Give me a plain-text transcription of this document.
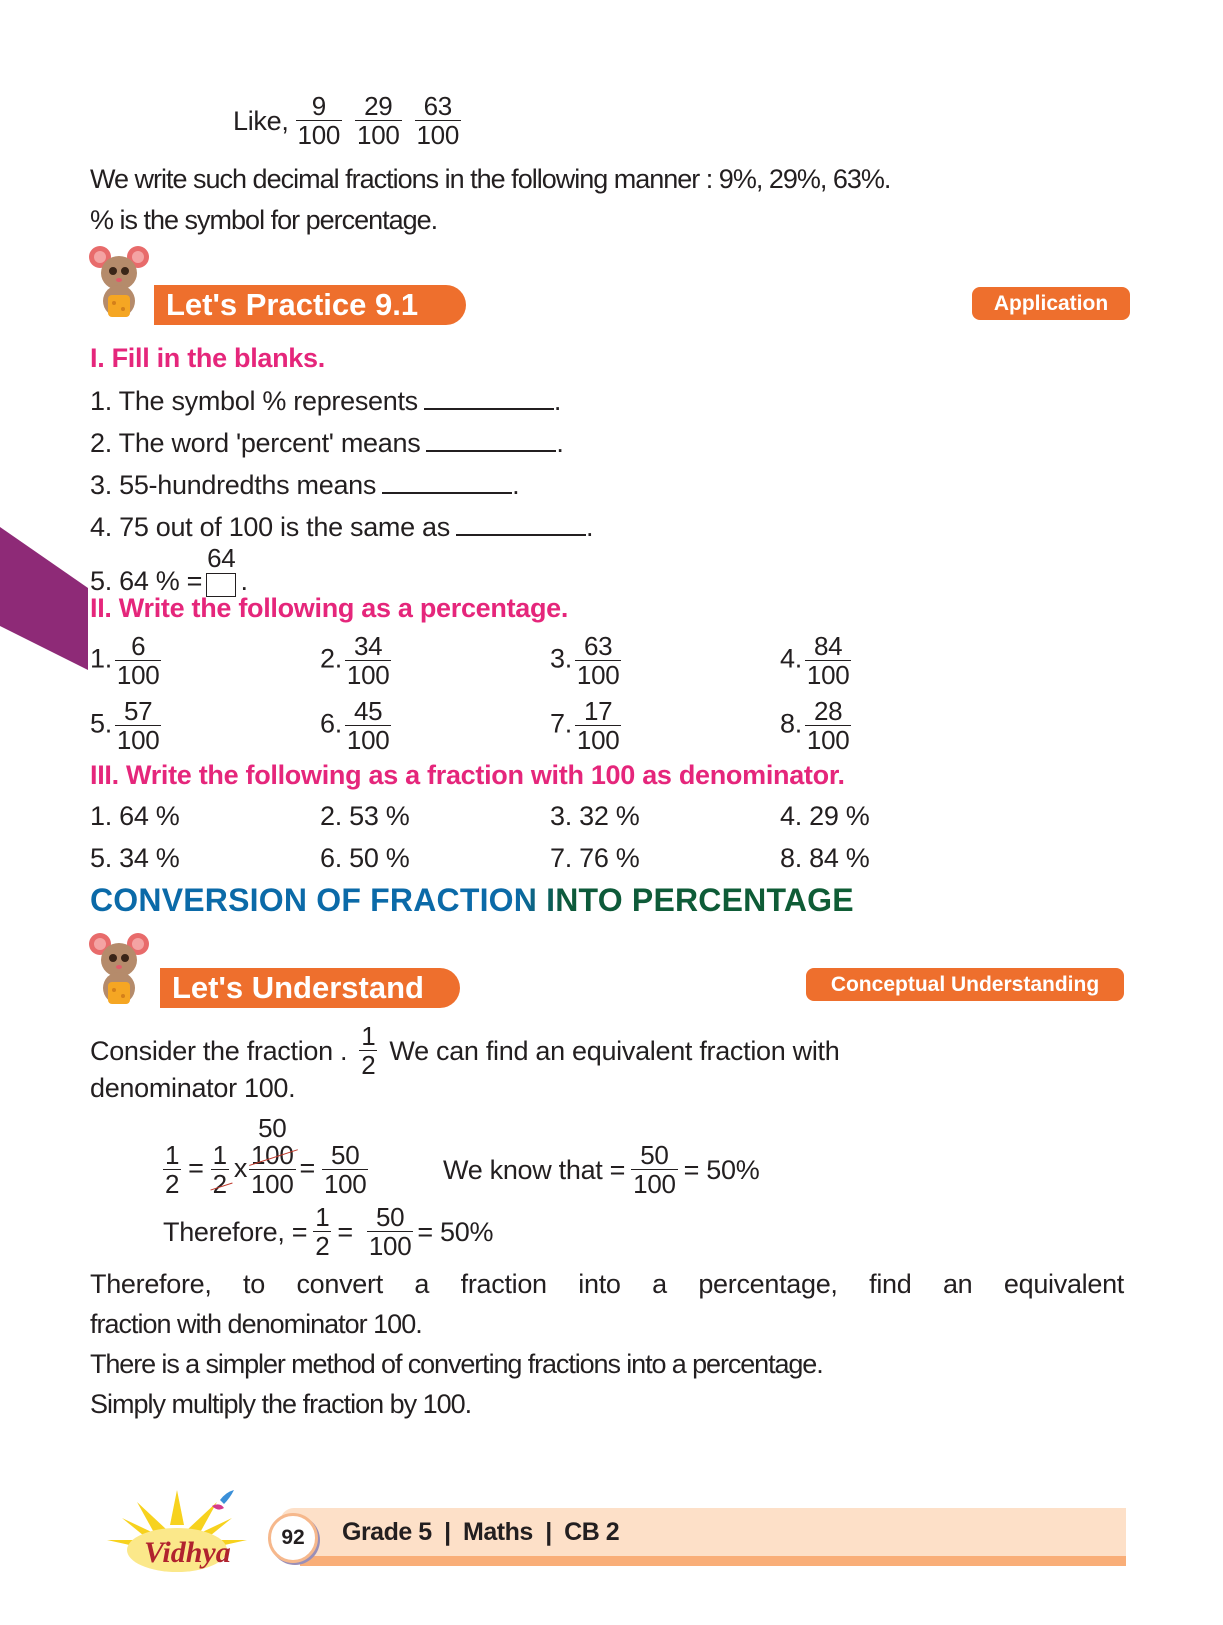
Like, $\frac{9}{100} \frac{29}{100} \frac{63}{100}$
We write such decimal fractions in the following manner : 9%, 29%, 63%.
% is the symbol for percentage.
Let's Practice 9.1	Application
I. Fill in the blanks.
1. The symbol % represents	.
2. The word 'percent' means	.
3. 55-hundredths means	.
4. 75 out of 100 is the same as	.
5. 64 % =
64
.
II. Write the following as a percentage.
1. $\frac{6}{100}$	2. $\frac{34}{100}$	3. $\frac{63}{100}$	4. $\frac{84}{100}$
5. $\frac{57}{100}$	6. $\frac{45}{100}$	7. $\frac{17}{100}$	8. $\frac{28}{100}$
III. Write the following as a fraction with 100 as denominator.
1. 64 %	2. 53 %	3. 32 %	4. 29 %
5. 34 %	6. 50 %	7. 76 %	8. 84 %
CONVERSION OF FRACTION INTO PERCENTAGE
Let's Understand	Conceptual Understanding
Consider the fraction . $\frac{1}{2}$ We can find an equivalent fraction with
denominator 100.
$\frac{1}{2} = \frac{1}{2}$ x
50
$\frac{100}{100} = \frac{50}{100}$	We know that = $\frac{50}{100} = 50\%$
Therefore, = $\frac{1}{2} = \frac{50}{100} = 50\%$
Therefore, to convert a fraction into a percentage, find an equivalent
fraction with denominator 100.
There is a simpler method of converting fractions into a percentage.
Simply multiply the fraction by 100.
Vidhya 92 Grade 5 | Maths | CB 2
